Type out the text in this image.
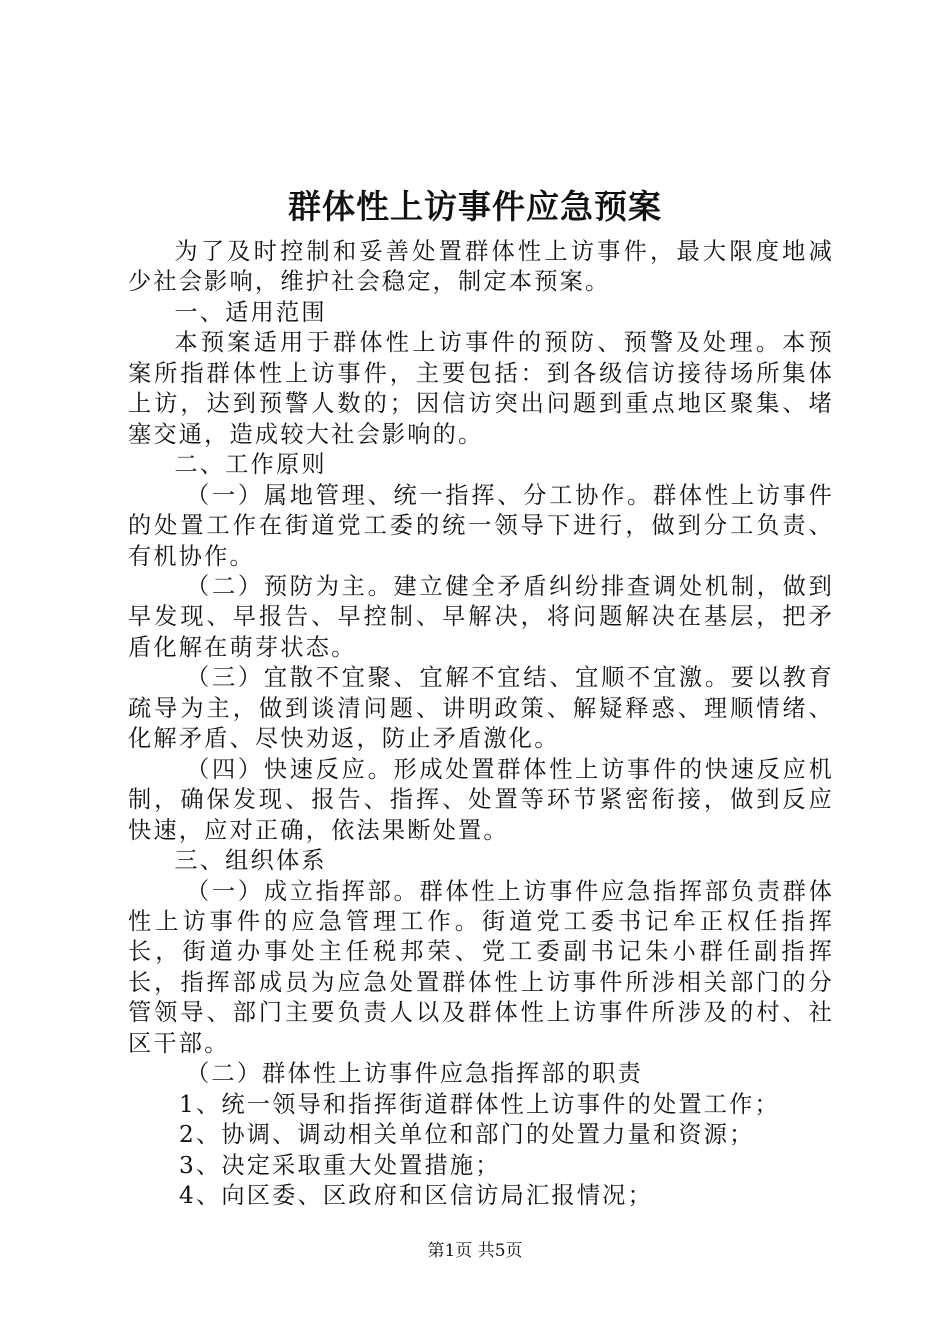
群体性上访事件应急预案

为了及时控制和妥善处置群体性上访事件，最大限度地减少社会影响，维护社会稳定，制定本预案。

一、适用范围

本预案适用于群体性上访事件的预防、预警及处理。本预案所指群体性上访事件，主要包括：到各级信访接待场所集体上访，达到预警人数的；因信访突出问题到重点地区聚集、堵塞交通，造成较大社会影响的。

二、工作原则

（一）属地管理、统一指挥、分工协作。群体性上访事件的处置工作在街道党工委的统一领导下进行，做到分工负责、有机协作。

（二）预防为主。建立健全矛盾纠纷排查调处机制，做到早发现、早报告、早控制、早解决，将问题解决在基层，把矛盾化解在萌芽状态。

（三）宜散不宜聚、宜解不宜结、宜顺不宜激。要以教育疏导为主，做到谈清问题、讲明政策、解疑释惑、理顺情绪、化解矛盾、尽快劝返，防止矛盾激化。

（四）快速反应。形成处置群体性上访事件的快速反应机制，确保发现、报告、指挥、处置等环节紧密衔接，做到反应快速，应对正确，依法果断处置。

三、组织体系

（一）成立指挥部。群体性上访事件应急指挥部负责群体性上访事件的应急管理工作。街道党工委书记牟正权任指挥长，街道办事处主任税邦荣、党工委副书记朱小群任副指挥长，指挥部成员为应急处置群体性上访事件所涉相关部门的分管领导、部门主要负责人以及群体性上访事件所涉及的村、社区干部。

（二）群体性上访事件应急指挥部的职责

1、统一领导和指挥街道群体性上访事件的处置工作；

2、协调、调动相关单位和部门的处置力量和资源；

3、决定采取重大处置措施；

4、向区委、区政府和区信访局汇报情况；

第1页 共5页
